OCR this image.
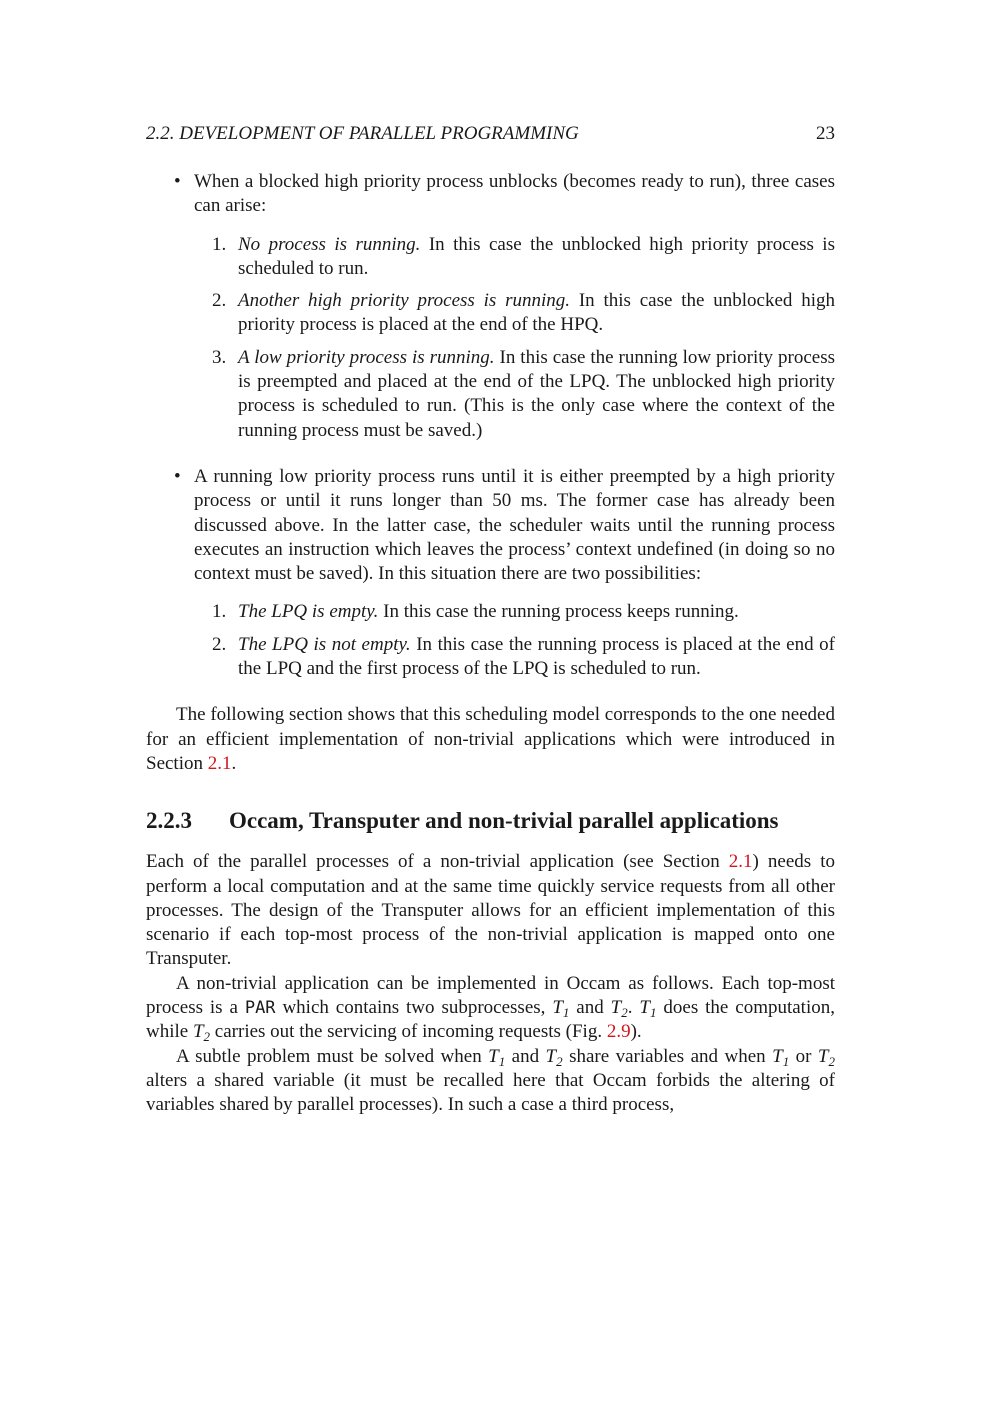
2.2. DEVELOPMENT OF PARALLEL PROGRAMMING	23
• When a blocked high priority process unblocks (becomes ready to run), three cases can arise:
1. No process is running. In this case the unblocked high priority process is scheduled to run.
2. Another high priority process is running. In this case the unblocked high priority process is placed at the end of the HPQ.
3. A low priority process is running. In this case the running low priority process is preempted and placed at the end of the LPQ. The unblocked high priority process is scheduled to run. (This is the only case where the context of the running process must be saved.)
• A running low priority process runs until it is either preempted by a high priority process or until it runs longer than 50 ms. The former case has already been discussed above. In the latter case, the scheduler waits until the running process executes an instruction which leaves the process’ context undefined (in doing so no context must be saved). In this situation there are two possibilities:
1. The LPQ is empty. In this case the running process keeps running.
2. The LPQ is not empty. In this case the running process is placed at the end of the LPQ and the first process of the LPQ is scheduled to run.

The following section shows that this scheduling model corresponds to the one needed for an efficient implementation of non-trivial applications which were introduced in Section 2.1.

2.2.3	Occam, Transputer and non-trivial parallel applications

Each of the parallel processes of a non-trivial application (see Section 2.1) needs to perform a local computation and at the same time quickly service requests from all other processes. The design of the Transputer allows for an efficient implementation of this scenario if each top-most process of the non-trivial application is mapped onto one Transputer.

A non-trivial application can be implemented in Occam as follows. Each top-most process is a PAR which contains two subprocesses, $T_1$ and $T_2$. $T_1$ does the computation, while $T_2$ carries out the servicing of incoming requests (Fig. 2.9).

A subtle problem must be solved when $T_1$ and $T_2$ share variables and when $T_1$ or $T_2$ alters a shared variable (it must be recalled here that Occam forbids the altering of variables shared by parallel processes). In such a case a third process,
